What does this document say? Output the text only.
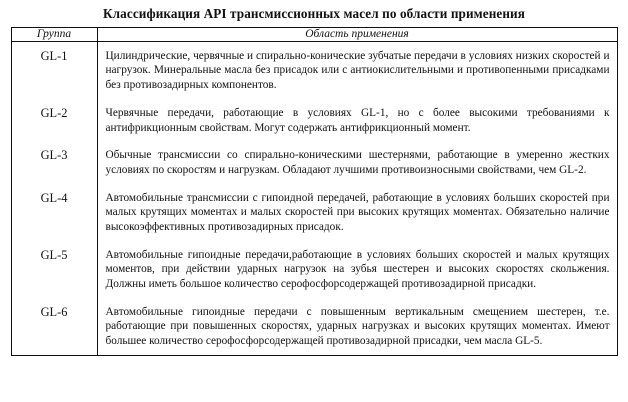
Классификация API трансмиссионных масел по области применения
Группа	Область применения
GL-1	Цилиндрические, червячные и спирально-конические зубчатые передачи в условиях низких скоростей и нагрузок. Минеральные масла без присадок или с антиокислительными и противопенными присадками без противозадирных компонентов.
GL-2	Червячные передачи, работающие в условиях GL-1, но с более высокими требованиями к антифрикционным свойствам. Могут содержать антифрикционный момент.
GL-3	Обычные трансмиссии со спирально-коническими шестернями, работающие в умеренно жестких условиях по скоростям и нагрузкам. Обладают лучшими противоизносными свойствами, чем GL-2.
GL-4	Автомобильные трансмиссии с гипоидной передачей, работающие в условиях больших скоростей при малых крутящих моментах и малых скоростей при высоких крутящих моментах. Обязательно наличие высокоэффективных противозадирных присадок.
GL-5	Автомобильные гипоидные передачи,работающие в условиях больших скоростей и малых крутящих моментов, при действии ударных нагрузок на зубья шестерен и высоких скоростях скольжения. Должны иметь большое количество серофосфорсодержащей противозадирной присадки.
GL-6	Автомобильные гипоидные передачи с повышенным вертикальным смещением шестерен, т.е. работающие при повышенных скоростях, ударных нагрузках и высоких крутящих моментах. Имеют большее количество серофосфорсодержащей противозадирной присадки, чем масла GL-5.
